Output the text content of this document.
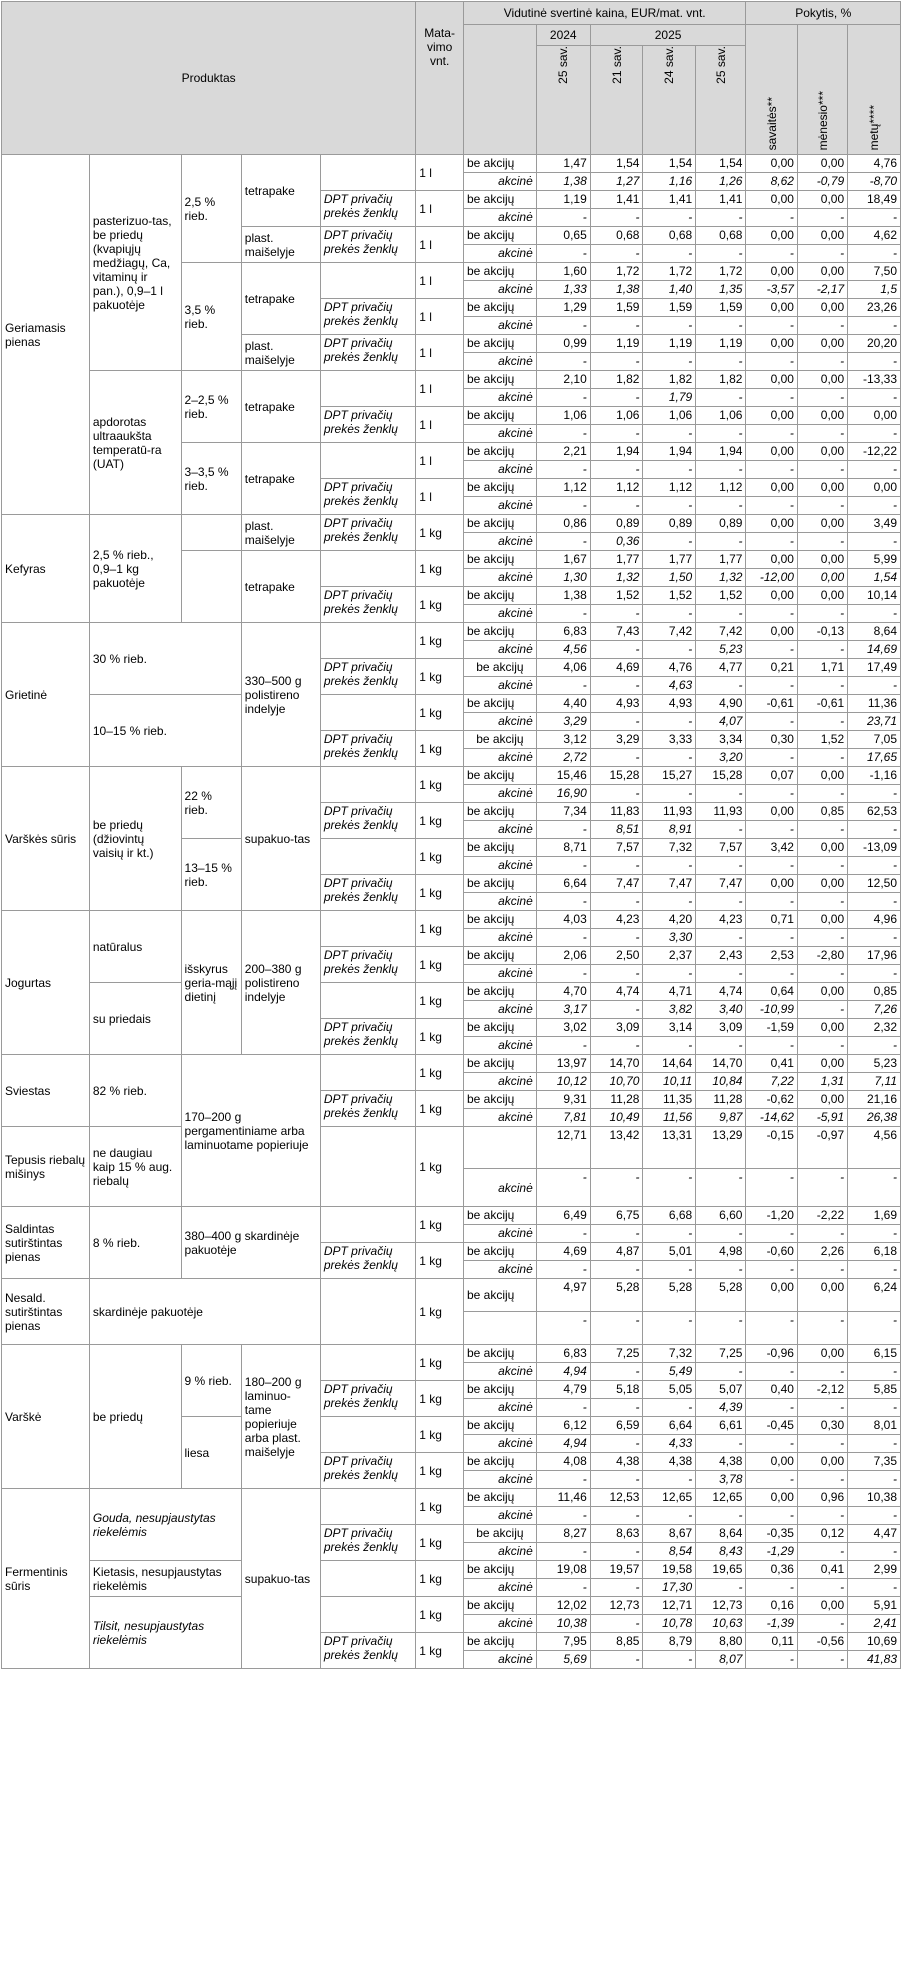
Produktas					Mata-vimo vnt.	Vidutinė svertinė kaina, EUR/mat. vnt.					Pokytis, %		
							2024	2025			savaitės**	mėnesio***	metų****

							25 sav.	21 sav.	24 sav.	25 sav.			

Geriamasis pienas	pasterizuo-tas, be priedų (kvapiųjų medžiagų, Ca, vitaminų ir pan.), 0,9–1 l pakuotėje	2,5 % rieb.	tetrapake		1 l	be akcijų	1,47	1,54	1,54	1,54	0,00	0,00	4,76
						akcinė	1,38	1,27	1,16	1,26	8,62	-0,79	-8,70
				DPT privačių prekės ženklų	1 l	be akcijų	1,19	1,41	1,41	1,41	0,00	0,00	18,49
						akcinė	-	-	-	-	-	-	-
			plast. maišelyje	DPT privačių prekės ženklų	1 l	be akcijų	0,65	0,68	0,68	0,68	0,00	0,00	4,62
						akcinė	-	-	-	-	-	-	-
		3,5 % rieb.	tetrapake		1 l	be akcijų	1,60	1,72	1,72	1,72	0,00	0,00	7,50
						akcinė	1,33	1,38	1,40	1,35	-3,57	-2,17	1,5
				DPT privačių prekės ženklų	1 l	be akcijų	1,29	1,59	1,59	1,59	0,00	0,00	23,26
						akcinė	-	-	-	-	-	-	-
			plast. maišelyje	DPT privačių prekės ženklų	1 l	be akcijų	0,99	1,19	1,19	1,19	0,00	0,00	20,20
						akcinė	-	-	-	-	-	-	-
	apdorotas ultraaukšta temperatū-ra (UAT)	2–2,5 % rieb.	tetrapake		1 l	be akcijų	2,10	1,82	1,82	1,82	0,00	0,00	-13,33
						akcinė	-	-	1,79	-	-	-	-
				DPT privačių prekės ženklų	1 l	be akcijų	1,06	1,06	1,06	1,06	0,00	0,00	0,00
						akcinė	-	-	-	-	-	-	-
		3–3,5 % rieb.	tetrapake		1 l	be akcijų	2,21	1,94	1,94	1,94	0,00	0,00	-12,22
						akcinė	-	-	-	-	-	-	-
				DPT privačių prekės ženklų	1 l	be akcijų	1,12	1,12	1,12	1,12	0,00	0,00	0,00
						akcinė	-	-	-	-	-	-	-
Kefyras	2,5 % rieb., 0,9–1 kg pakuotėje		plast. maišelyje	DPT privačių prekės ženklų	1 kg	be akcijų	0,86	0,89	0,89	0,89	0,00	0,00	3,49
						akcinė	-	0,36	-	-	-	-	-
			tetrapake		1 kg	be akcijų	1,67	1,77	1,77	1,77	0,00	0,00	5,99
						akcinė	1,30	1,32	1,50	1,32	-12,00	0,00	1,54
				DPT privačių prekės ženklų	1 kg	be akcijų	1,38	1,52	1,52	1,52	0,00	0,00	10,14
						akcinė	-	-	-	-	-	-	-
Grietinė	30 % rieb.		330–500 g polistireno indelyje		1 kg	be akcijų	6,83	7,43	7,42	7,42	0,00	-0,13	8,64
						akcinė	4,56	-	-	5,23	-	-	14,69
				DPT privačių prekės ženklų	1 kg	be akcijų	4,06	4,69	4,76	4,77	0,21	1,71	17,49
						akcinė	-	-	4,63	-	-	-	-
	10–15 % rieb.				1 kg	be akcijų	4,40	4,93	4,93	4,90	-0,61	-0,61	11,36
						akcinė	3,29	-	-	4,07	-	-	23,71
				DPT privačių prekės ženklų	1 kg	be akcijų	3,12	3,29	3,33	3,34	0,30	1,52	7,05
						akcinė	2,72	-	-	3,20	-	-	17,65
Varškės sūris	be priedų (džiovintų vaisių ir kt.)	22 % rieb.	supakuo-tas		1 kg	be akcijų	15,46	15,28	15,27	15,28	0,07	0,00	-1,16
						akcinė	16,90	-	-	-	-	-	-
				DPT privačių prekės ženklų	1 kg	be akcijų	7,34	11,83	11,93	11,93	0,00	0,85	62,53
						akcinė	-	8,51	8,91	-	-	-	-
		13–15 % rieb.			1 kg	be akcijų	8,71	7,57	7,32	7,57	3,42	0,00	-13,09
						akcinė	-	-	-	-	-	-	-
				DPT privačių prekės ženklų	1 kg	be akcijų	6,64	7,47	7,47	7,47	0,00	0,00	12,50
						akcinė	-	-	-	-	-	-	-
Jogurtas	natūralus	išskyrus geria-mąjį dietinį	200–380 g polistireno indelyje		1 kg	be akcijų	4,03	4,23	4,20	4,23	0,71	0,00	4,96
						akcinė	-	-	3,30	-	-	-	-
				DPT privačių prekės ženklų	1 kg	be akcijų	2,06	2,50	2,37	2,43	2,53	-2,80	17,96
						akcinė	-	-	-	-	-	-	-
	su priedais				1 kg	be akcijų	4,70	4,74	4,71	4,74	0,64	0,00	0,85
						akcinė	3,17	-	3,82	3,40	-10,99	-	7,26
				DPT privačių prekės ženklų	1 kg	be akcijų	3,02	3,09	3,14	3,09	-1,59	0,00	2,32
						akcinė	-	-	-	-	-	-	-
Sviestas	82 % rieb.	170–200 g pergamentiniame arba laminuotame popieriuje			1 kg	be akcijų	13,97	14,70	14,64	14,70	0,41	0,00	5,23
						akcinė	10,12	10,70	10,11	10,84	7,22	1,31	7,11
				DPT privačių prekės ženklų	1 kg	be akcijų	9,31	11,28	11,35	11,28	-0,62	0,00	21,16
						akcinė	7,81	10,49	11,56	9,87	-14,62	-5,91	26,38
Tepusis riebalų mišinys	ne daugiau kaip 15 % aug. riebalų				1 kg		12,71	13,42	13,31	13,29	-0,15	-0,97	4,56
						akcinė	-	-	-	-	-	-	-
Saldintas sutirštintas pienas	8 % rieb.	380–400 g skardinėje pakuotėje			1 kg	be akcijų	6,49	6,75	6,68	6,60	-1,20	-2,22	1,69
						akcinė	-	-	-	-	-	-	-
				DPT privačių prekės ženklų	1 kg	be akcijų	4,69	4,87	5,01	4,98	-0,60	2,26	6,18
						akcinė	-	-	-	-	-	-	-
Nesald. sutirštintas pienas	skardinėje pakuotėje				1 kg	be akcijų	4,97	5,28	5,28	5,28	0,00	0,00	6,24
							-	-	-	-	-	-	-
Varškė	be priedų	9 % rieb.	180–200 g laminuo-tame popieriuje arba plast. maišelyje		1 kg	be akcijų	6,83	7,25	7,32	7,25	-0,96	0,00	6,15
						akcinė	4,94	-	5,49	-	-	-	-
				DPT privačių prekės ženklų	1 kg	be akcijų	4,79	5,18	5,05	5,07	0,40	-2,12	5,85
						akcinė	-	-	-	4,39	-	-	-
		liesa			1 kg	be akcijų	6,12	6,59	6,64	6,61	-0,45	0,30	8,01
						akcinė	4,94	-	4,33	-	-	-	-
				DPT privačių prekės ženklų	1 kg	be akcijų	4,08	4,38	4,38	4,38	0,00	0,00	7,35
						akcinė	-	-	-	3,78	-	-	-
Fermentinis sūris	Gouda, nesupjaustytas riekelėmis		supakuo-tas		1 kg	be akcijų	11,46	12,53	12,65	12,65	0,00	0,96	10,38
						akcinė	-	-	-	-	-	-	-
				DPT privačių prekės ženklų	1 kg	be akcijų	8,27	8,63	8,67	8,64	-0,35	0,12	4,47
						akcinė	-	-	8,54	8,43	-1,29	-	-
	Kietasis, nesupjaustytas riekelėmis				1 kg	be akcijų	19,08	19,57	19,58	19,65	0,36	0,41	2,99
						akcinė	-	-	17,30	-	-	-	-
	Tilsit, nesupjaustytas riekelėmis				1 kg	be akcijų	12,02	12,73	12,71	12,73	0,16	0,00	5,91
						akcinė	10,38	-	10,78	10,63	-1,39	-	2,41
				DPT privačių prekės ženklų	1 kg	be akcijų	7,95	8,85	8,79	8,80	0,11	-0,56	10,69
						akcinė	5,69	-	-	8,07	-	-	41,83
